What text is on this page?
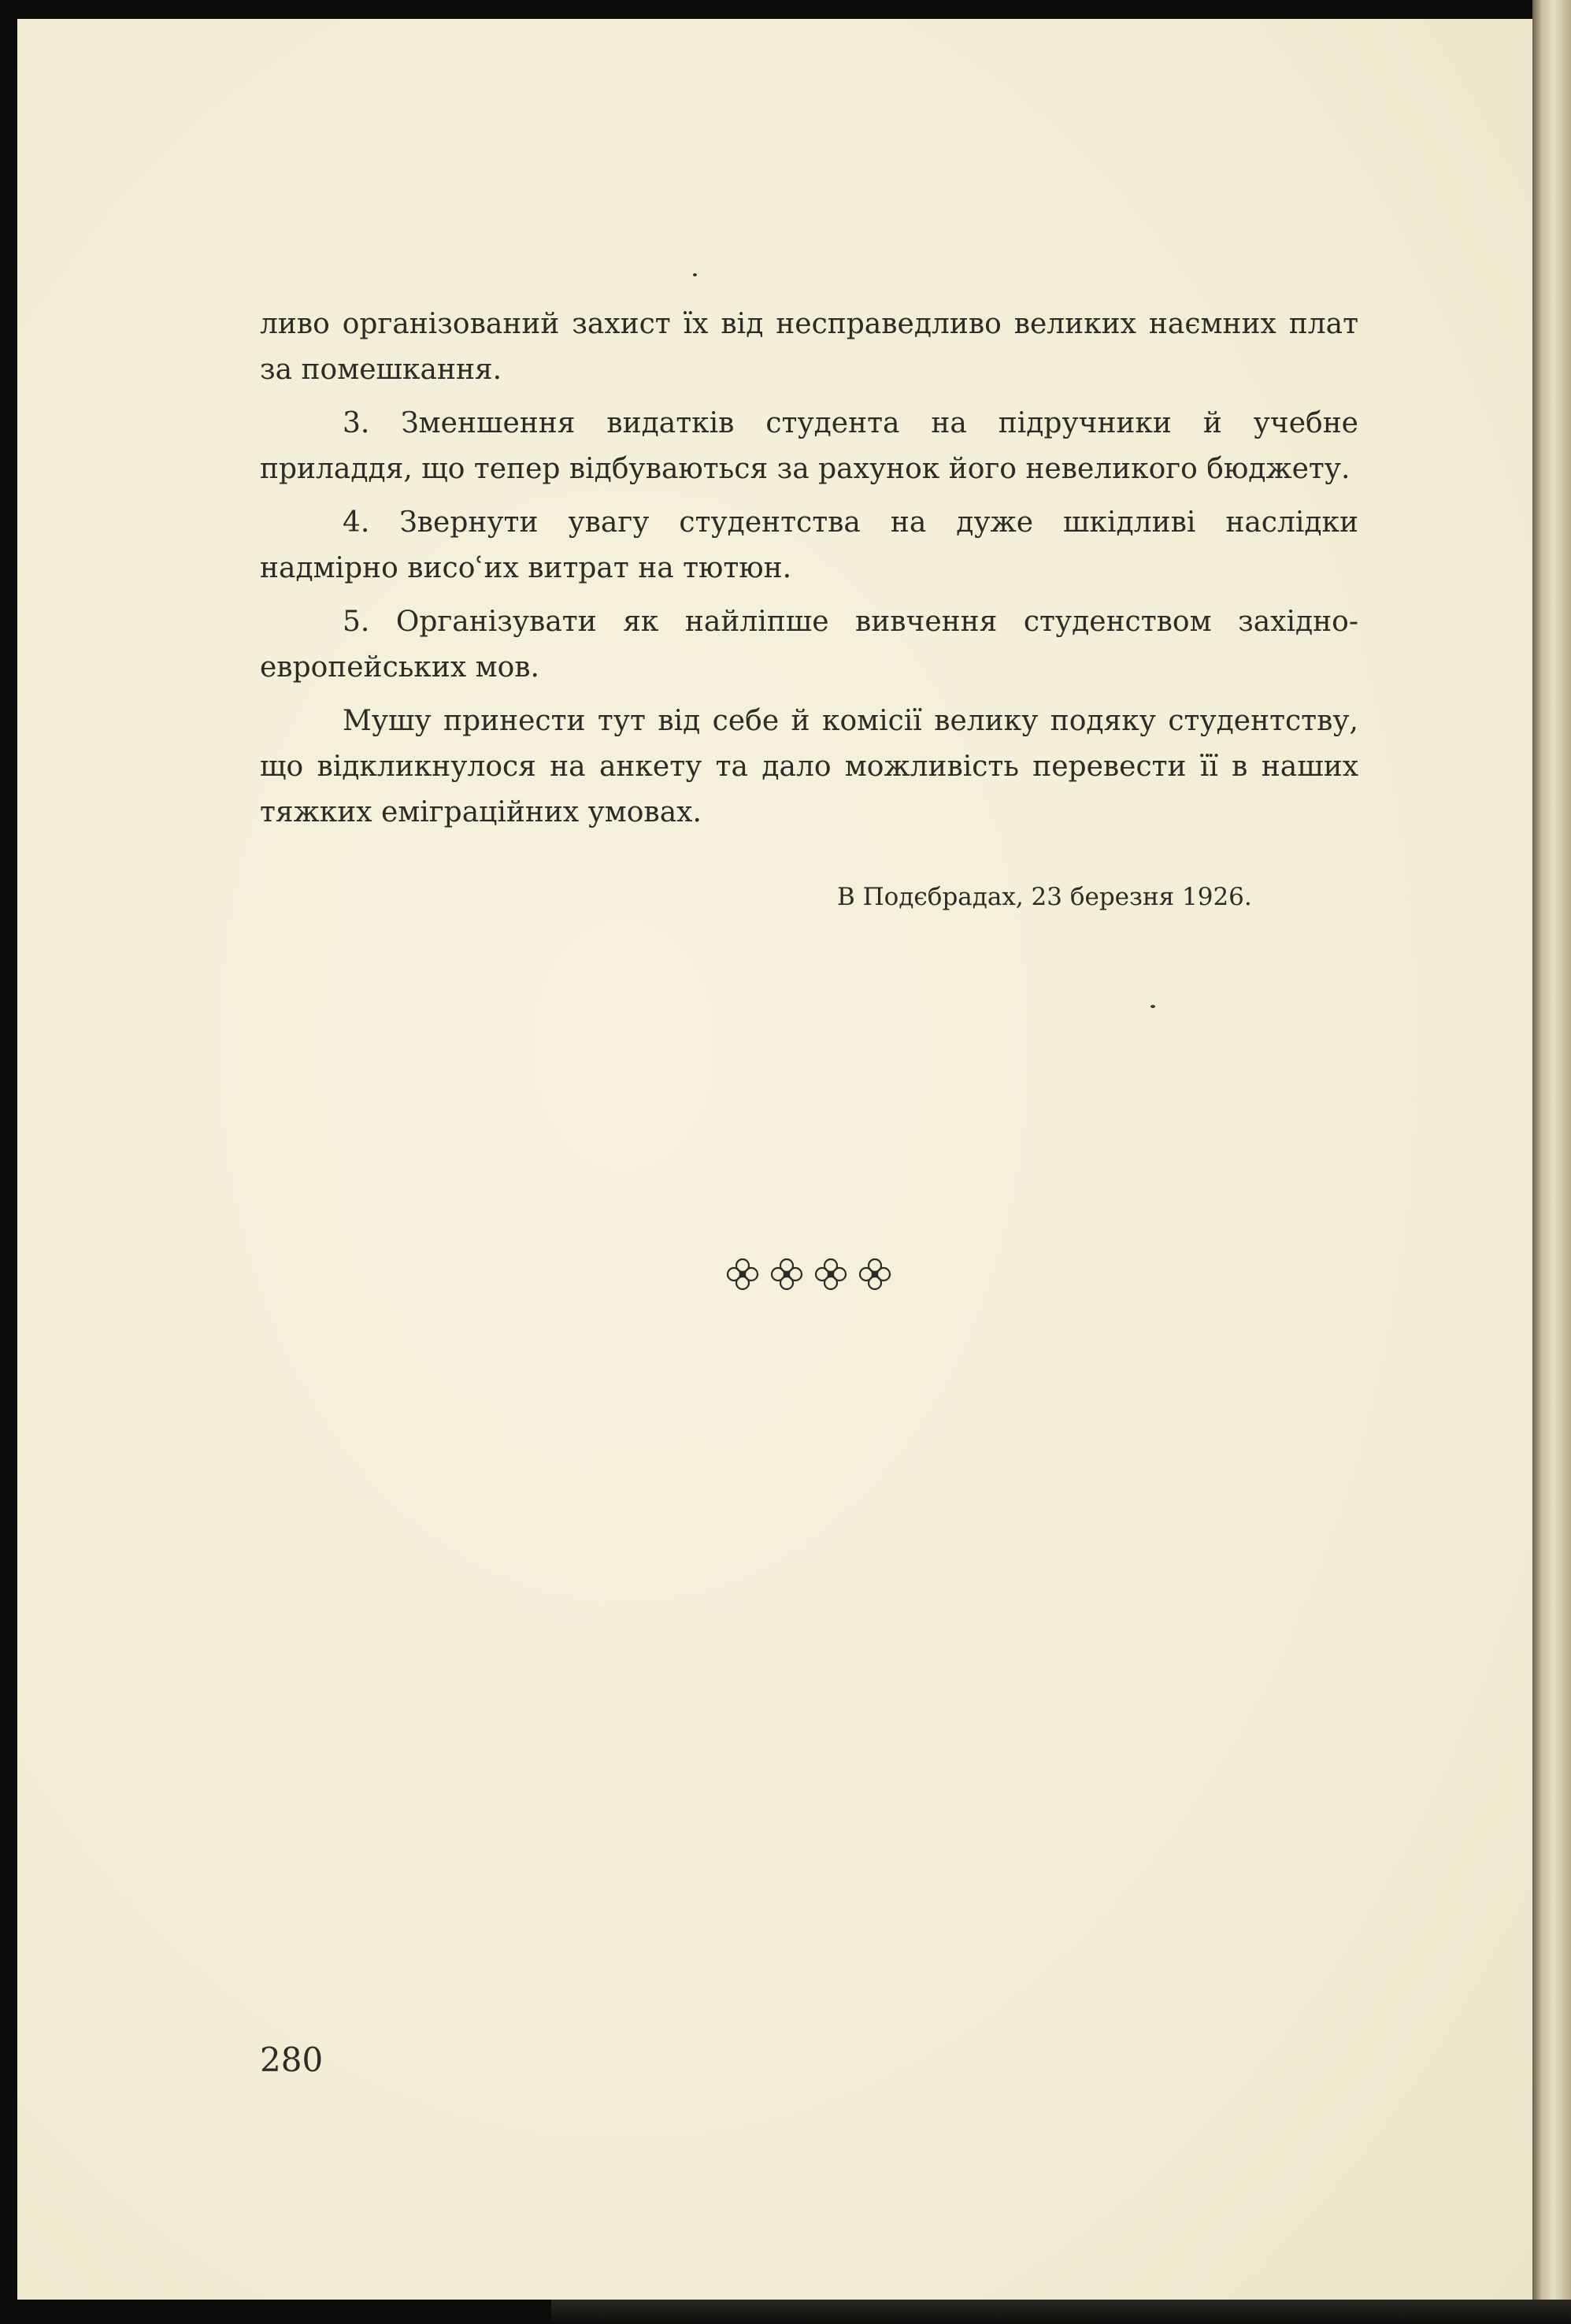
ливо оргaнізований захист їх від несправедливо великих наємних плат за помешкання.

3. Зменшення видатків студента на підручники й учебне приладдя, що тепер відбуваються за рахунок його невеликого бюджету.

4. Звернути увагу студентства на дуже шкідливі наслідки надмірно висоʿих витрат на тютюн.

5. Органiзувати як найліпше вивчення студенством західно-европейських мов.

Мушу принести тут від себе й комісії велику подяку студентству, що відкликнулося на анкету та дало можливість перевести її в наших тяжких еміграційних умовах.

В Подєбрадах, 23 березня 1926.
280
